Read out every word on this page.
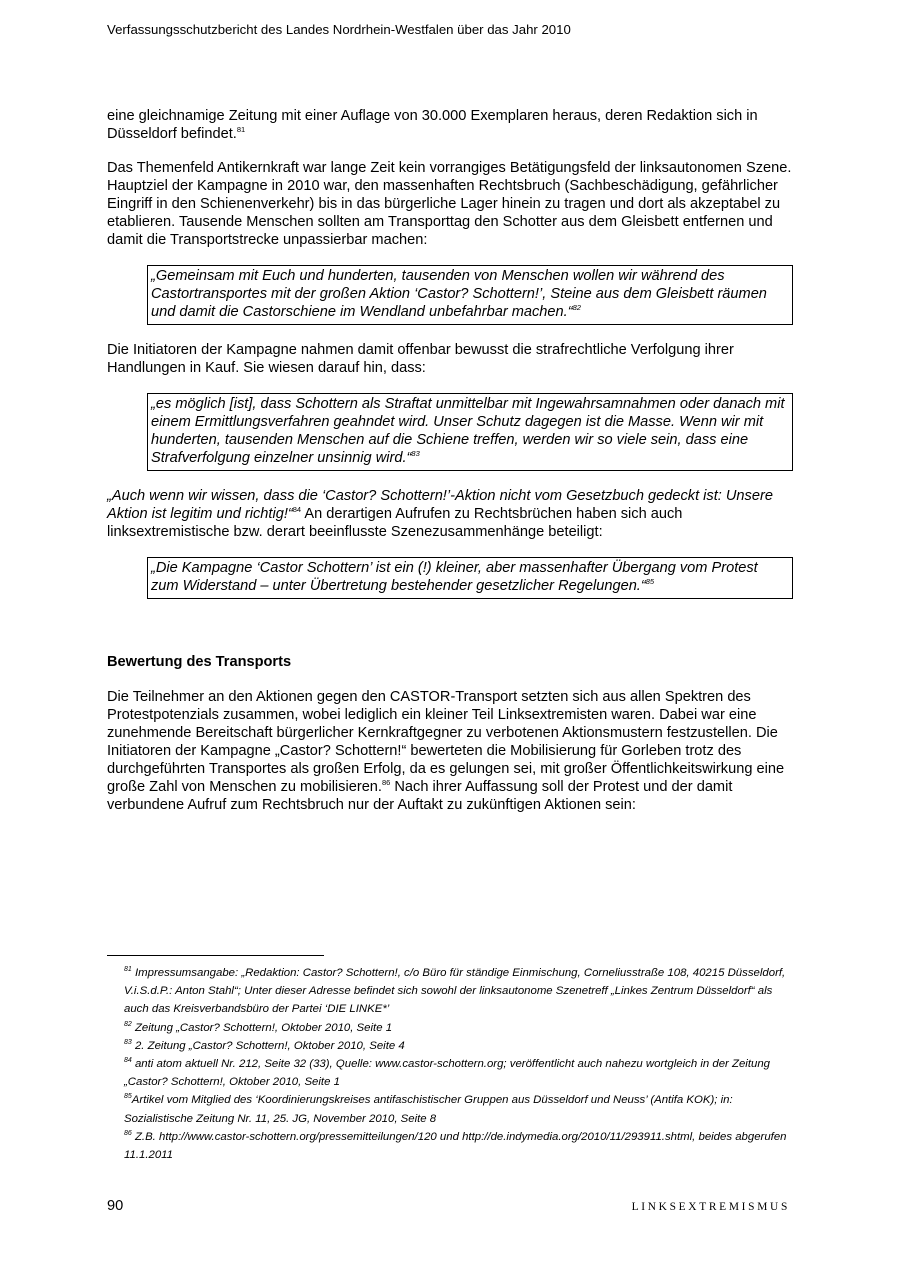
Verfassungsschutzbericht des Landes Nordrhein-Westfalen über das Jahr 2010

eine gleichnamige Zeitung mit einer Auflage von 30.000 Exemplaren heraus, deren Redaktion sich in Düsseldorf befindet.$^{81}$

Das Themenfeld Antikernkraft war lange Zeit kein vorrangiges Betätigungsfeld der linksautonomen Szene. Hauptziel der Kampagne in 2010 war, den massenhaften Rechtsbruch (Sachbeschädigung, gefährlicher Eingriff in den Schienenverkehr) bis in das bürgerliche Lager hinein zu tragen und dort als akzeptabel zu etablieren. Tausende Menschen sollten am Transporttag den Schotter aus dem Gleisbett entfernen und damit die Transportstrecke unpassierbar machen:

„Gemeinsam mit Euch und hunderten, tausenden von Menschen wollen wir während des Castortransportes mit der großen Aktion ‘Castor? Schottern!’, Steine aus dem Gleisbett räumen und damit die Castorschiene im Wendland unbefahrbar machen.“$^{82}$

Die Initiatoren der Kampagne nahmen damit offenbar bewusst die strafrechtliche Verfolgung ihrer Handlungen in Kauf. Sie wiesen darauf hin, dass:

„es möglich [ist], dass Schottern als Straftat unmittelbar mit Ingewahrsamnahmen oder danach mit einem Ermittlungsverfahren geahndet wird. Unser Schutz dagegen ist die Masse. Wenn wir mit hunderten, tausenden Menschen auf die Schiene treffen, werden wir so viele sein, dass eine Strafverfolgung einzelner unsinnig wird.“$^{83}$

„Auch wenn wir wissen, dass die ‘Castor? Schottern!’-Aktion nicht vom Gesetzbuch gedeckt ist: Unsere Aktion ist legitim und richtig!“$^{84}$ An derartigen Aufrufen zu Rechtsbrüchen haben sich auch linksextremistische bzw. derart beeinflusste Szenezusammenhänge beteiligt:

„Die Kampagne ‘Castor Schottern’ ist ein (!) kleiner, aber massenhafter Übergang vom Protest zum Widerstand – unter Übertretung bestehender gesetzlicher Regelungen.“$^{85}$

Bewertung des Transports

Die Teilnehmer an den Aktionen gegen den CASTOR-Transport setzten sich aus allen Spektren des Protestpotenzials zusammen, wobei lediglich ein kleiner Teil Linksextremisten waren. Dabei war eine zunehmende Bereitschaft bürgerlicher Kernkraftgegner zu verbotenen Aktionsmustern festzustellen. Die Initiatoren der Kampagne „Castor? Schottern!“ bewerteten die Mobilisierung für Gorleben trotz des durchgeführten Transportes als großen Erfolg, da es gelungen sei, mit großer Öffentlichkeitswirkung eine große Zahl von Menschen zu mobilisieren.$^{86}$ Nach ihrer Auffassung soll der Protest und der damit verbundene Aufruf zum Rechtsbruch nur der Auftakt zu zukünftigen Aktionen sein:

$^{81}$ Impressumsangabe: „Redaktion: Castor? Schottern!, c/o Büro für ständige Einmischung, Corneliusstraße 108, 40215 Düsseldorf, V.i.S.d.P.: Anton Stahl“; Unter dieser Adresse befindet sich sowohl der linksautonome Szenetreff „Linkes Zentrum Düsseldorf“ als auch das Kreisverbandsbüro der Partei ‘DIE LINKE*’

$^{82}$ Zeitung „Castor? Schottern!, Oktober 2010, Seite 1

$^{83}$ 2. Zeitung „Castor? Schottern!, Oktober 2010, Seite 4

$^{84}$ anti atom aktuell Nr. 212, Seite 32 (33), Quelle: www.castor-schottern.org; veröffentlicht auch nahezu wortgleich in der Zeitung „Castor? Schottern!, Oktober 2010, Seite 1

$^{85}$Artikel vom Mitglied des ‘Koordinierungskreises antifaschistischer Gruppen aus Düsseldorf und Neuss’ (Antifa KOK); in: Sozialistische Zeitung Nr. 11, 25. JG, November 2010, Seite 8

$^{86}$ Z.B. http://www.castor-schottern.org/pressemitteilungen/120 und http://de.indymedia.org/2010/11/293911.shtml, beides abgerufen 11.1.2011

90	LINKSEXTREMISMUS
